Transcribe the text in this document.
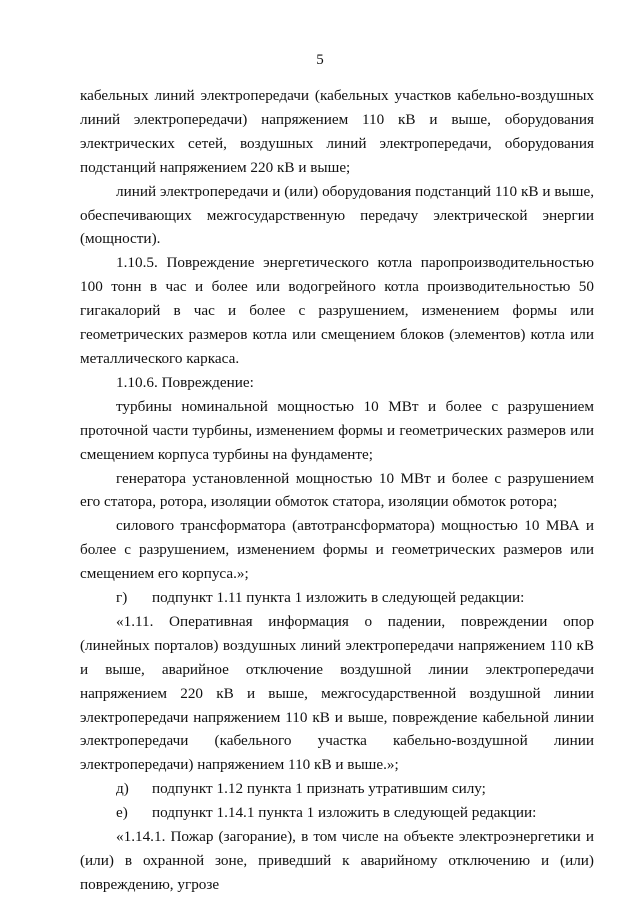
5

кабельных линий электропередачи (кабельных участков кабельно-воздушных линий электропередачи) напряжением 110 кВ и выше, оборудования электрических сетей, воздушных линий электропередачи, оборудования подстанций напряжением 220 кВ и выше;

линий электропередачи и (или) оборудования подстанций 110 кВ и выше, обеспечивающих межгосударственную передачу электрической энергии (мощности).

1.10.5. Повреждение энергетического котла паропроизводительностью 100 тонн в час и более или водогрейного котла производительностью 50 гигакалорий в час и более с разрушением, изменением формы или геометрических размеров котла или смещением блоков (элементов) котла или металлического каркаса.

1.10.6. Повреждение:

турбины номинальной мощностью 10 МВт и более с разрушением проточной части турбины, изменением формы и геометрических размеров или смещением корпуса турбины на фундаменте;

генератора установленной мощностью 10 МВт и более с разрушением его статора, ротора, изоляции обмоток статора, изоляции обмоток ротора;

силового трансформатора (автотрансформатора) мощностью 10 МВА и более с разрушением, изменением формы и геометрических размеров или смещением его корпуса.»;

г)	подпункт 1.11 пункта 1 изложить в следующей редакции:

«1.11. Оперативная информация о падении, повреждении опор (линейных порталов) воздушных линий электропередачи напряжением 110 кВ и выше, аварийное отключение воздушной линии электропередачи напряжением 220 кВ и выше, межгосударственной воздушной линии электропередачи напряжением 110 кВ и выше, повреждение кабельной линии электропередачи (кабельного участка кабельно-воздушной линии электропередачи) напряжением 110 кВ и выше.»;

д)	подпункт 1.12 пункта 1 признать утратившим силу;
е)	подпункт 1.14.1 пункта 1 изложить в следующей редакции:

«1.14.1. Пожар (загорание), в том числе на объекте электроэнергетики и (или) в охранной зоне, приведший к аварийному отключению и (или) повреждению, угрозе
